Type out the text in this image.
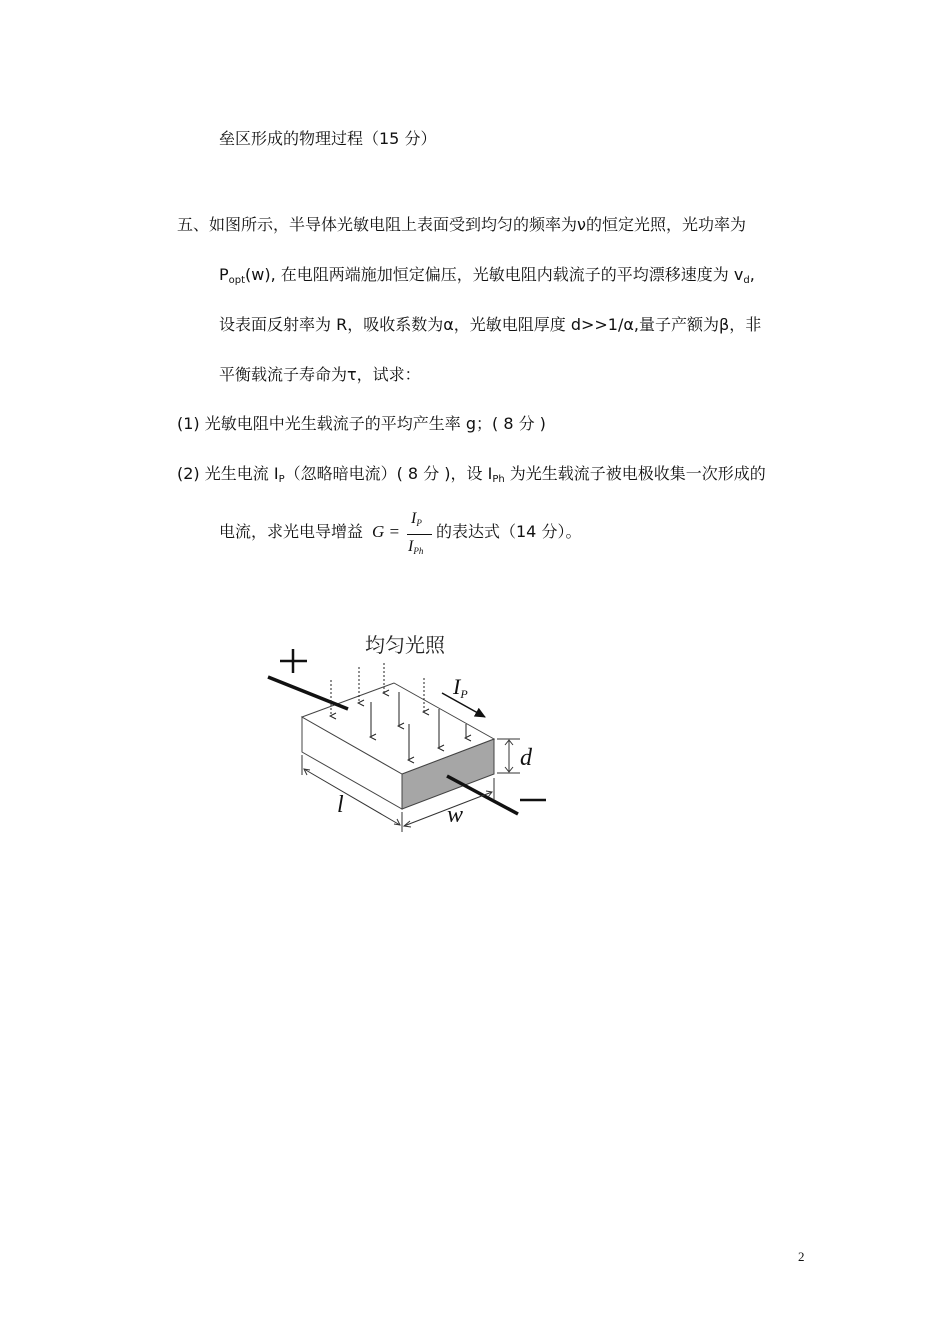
垒区形成的物理过程（15 分）
五、如图所示，半导体光敏电阻上表面受到均匀的频率为ν的恒定光照，光功率为
$P_{opt}(w)$, 在电阻两端施加恒定偏压，光敏电阻内载流子的平均漂移速度为 $v_d$,
设表面反射率为 R，吸收系数为α，光敏电阻厚度 d>>1/α,量子产额为β，非
平衡载流子寿命为τ，试求：
(1) 光敏电阻中光生载流子的平均产生率 g；( 8 分 )
(2) 光生电流 $I_P$（忽略暗电流）( 8 分 )，设 $I_{Ph}$ 为光生载流子被电极收集一次形成的
电流，求光电导增益 G =
IP
IPh
的表达式（14 分）。
均匀光照
IP
d
l	w
2
